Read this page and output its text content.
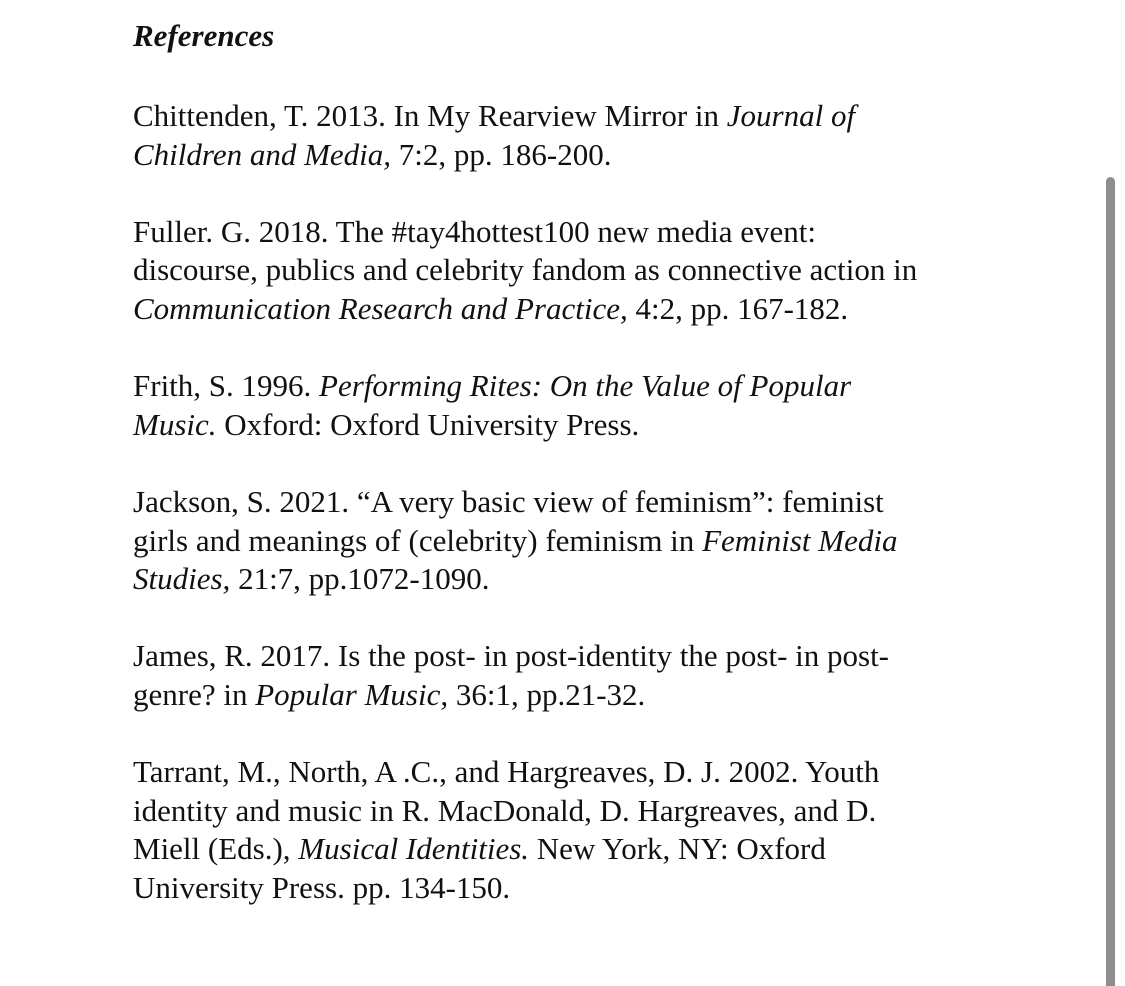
References
Chittenden, T. 2013. In My Rearview Mirror in Journal of
Children and Media, 7:2, pp. 186-200.
Fuller. G. 2018. The #tay4hottest100 new media event:
discourse, publics and celebrity fandom as connective action in
Communication Research and Practice, 4:2, pp. 167-182.
Frith, S. 1996. Performing Rites: On the Value of Popular
Music. Oxford: Oxford University Press.
Jackson, S. 2021. “A very basic view of feminism”: feminist
girls and meanings of (celebrity) feminism in Feminist Media
Studies, 21:7, pp.1072-1090.
James, R. 2017. Is the post- in post-identity the post- in post-
genre? in Popular Music, 36:1, pp.21-32.
Tarrant, M., North, A .C., and Hargreaves, D. J. 2002. Youth
identity and music in R. MacDonald, D. Hargreaves, and D.
Miell (Eds.), Musical Identities. New York, NY: Oxford
University Press. pp. 134-150.
